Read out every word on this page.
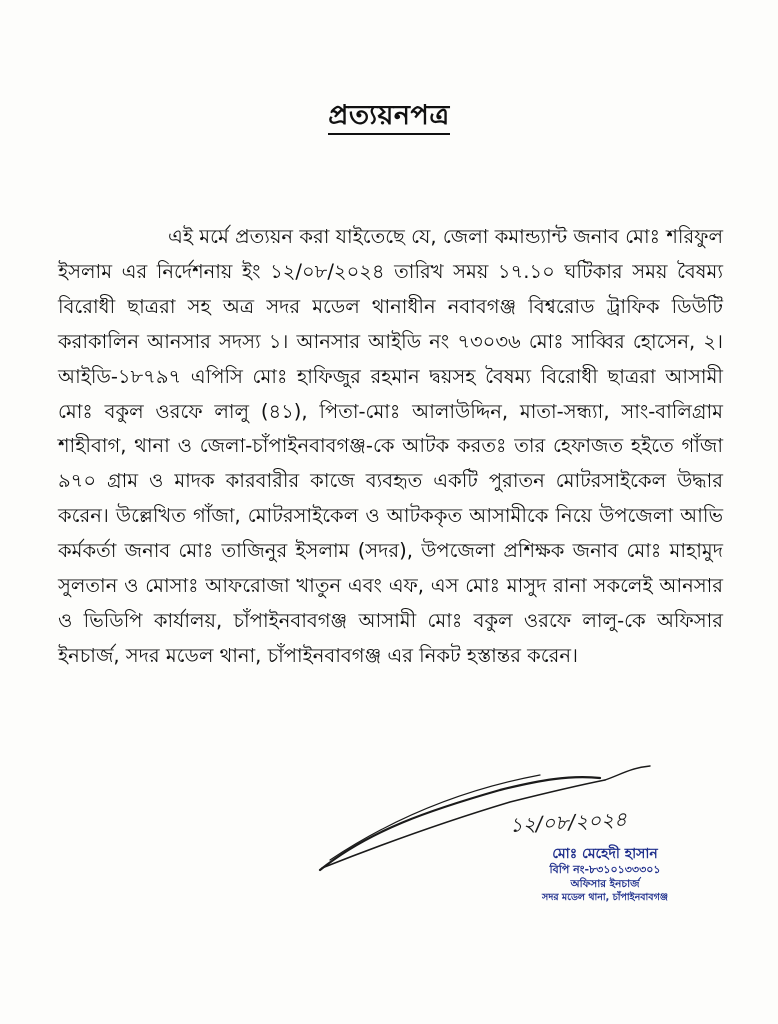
প্রত্যয়নপত্র

এই মর্মে প্রত্যয়ন করা যাইতেছে যে, জেলা কমান্ড্যান্ট জনাব মোঃ শরিফুল ইসলাম এর নির্দেশনায় ইং ১২/০৮/২০২৪ তারিখ সময় ১৭.১০ ঘটিকার সময় বৈষম্য বিরোধী ছাত্ররা সহ অত্র সদর মডেল থানাধীন নবাবগঞ্জ বিশ্বরোড ট্রাফিক ডিউটি করাকালিন আনসার সদস্য ১। আনসার আইডি নং ৭৩০৩৬ মোঃ সাব্বির হোসেন, ২। আইডি-১৮৭৯৭ এপিসি মোঃ হাফিজুর রহমান দ্বয়সহ বৈষম্য বিরোধী ছাত্ররা আসামী মোঃ বকুল ওরফে লালু (৪১), পিতা-মোঃ আলাউদ্দিন, মাতা-সন্ধ্যা, সাং-বালিগ্রাম শাহীবাগ, থানা ও জেলা-চাঁপাইনবাবগঞ্জ-কে আটক করতঃ তার হেফাজত হইতে গাঁজা ৯৭০ গ্রাম ও মাদক কারবারীর কাজে ব্যবহৃত একটি পুরাতন মোটরসাইকেল উদ্ধার করেন। উল্লেখিত গাঁজা, মোটরসাইকেল ও আটককৃত আসামীকে নিয়ে উপজেলা আভি কর্মকর্তা জনাব মোঃ তাজিনুর ইসলাম (সদর), উপজেলা প্রশিক্ষক জনাব মোঃ মাহামুদ সুলতান ও মোসাঃ আফরোজা খাতুন এবং এফ, এস মোঃ মাসুদ রানা সকলেই আনসার ও ভিডিপি কার্যালয়, চাঁপাইনবাবগঞ্জ আসামী মোঃ বকুল ওরফে লালু-কে অফিসার ইনচার্জ, সদর মডেল থানা, চাঁপাইনবাবগঞ্জ এর নিকট হস্তান্তর করেন।

১২/০৮/২০২৪
মোঃ মেহেদী হাসান
বিপি নং-৮৩১০১৩৩৩০১
অফিসার ইনচার্জ
সদর মডেল থানা, চাঁপাইনবাবগঞ্জ
